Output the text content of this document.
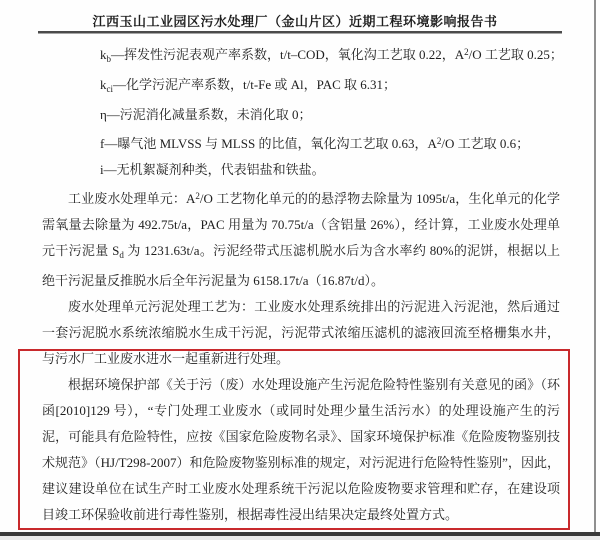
江西玉山工业园区污水处理厂（金山片区）近期工程环境影响报告书
$k_b—$挥发性污泥表观产率系数，t/t–COD，氧化沟工艺取 0.22，$A^2/O$ 工艺取 0.25；
$k_{ci}—$化学污泥产率系数，t/t-Fe 或 Al，PAC 取 6.31；
η—污泥消化减量系数，未消化取 0；
f—曝气池 MLVSS 与 MLSS 的比值，氧化沟工艺取 0.63，$A^2/O$ 工艺取 0.6；
i—无机絮凝剂种类，代表铝盐和铁盐。

工业废水处理单元：$A^2/O$ 工艺物化单元的的悬浮物去除量为 1095t/a，生化单元的化学需氧量去除量为 492.75t/a，PAC 用量为 70.75t/a（含铝量 26%），经计算，工业废水处理单元干污泥量 $S_d$ 为 1231.63t/a。污泥经带式压滤机脱水后为含水率约 80%的泥饼，根据以上绝干污泥量反推脱水后全年污泥量为 6158.17t/a（16.87t/d）。

废水处理单元污泥处理工艺为：工业废水处理系统排出的污泥进入污泥池，然后通过一套污泥脱水系统浓缩脱水生成干污泥，污泥带式浓缩压滤机的滤液回流至格栅集水井，与污水厂工业废水进水一起重新进行处理。

根据环境保护部《关于污（废）水处理设施产生污泥危险特性鉴别有关意见的函》（环函[2010]129 号），“专门处理工业废水（或同时处理少量生活污水）的处理设施产生的污泥，可能具有危险特性，应按《国家危险废物名录》、国家环境保护标准《危险废物鉴别技术规范》（HJ/T298-2007）和危险废物鉴别标准的规定，对污泥进行危险特性鉴别”，因此，建议建设单位在试生产时工业废水处理系统干污泥以危险废物要求管理和贮存，在建设项目竣工环保验收前进行毒性鉴别，根据毒性浸出结果决定最终处置方式。
